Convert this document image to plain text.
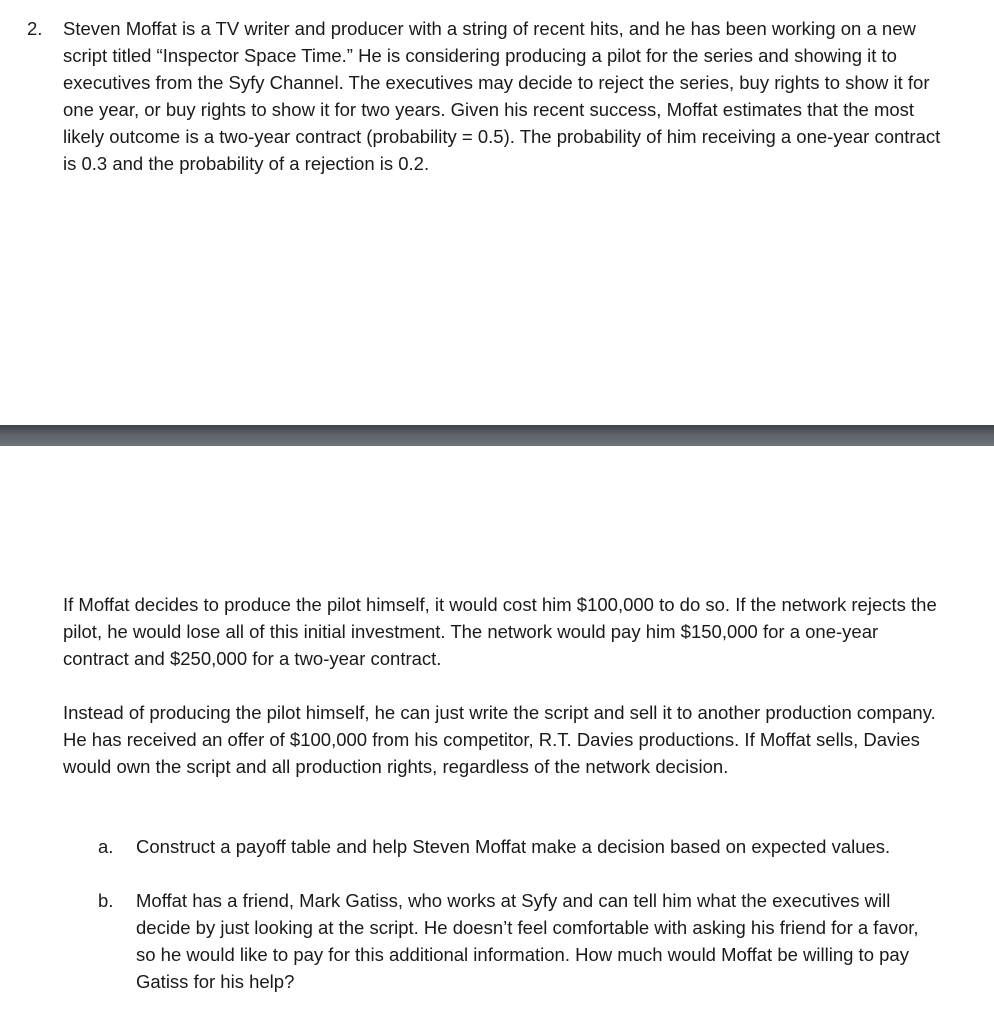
2. Steven Moffat is a TV writer and producer with a string of recent hits, and he has been working on a new script titled “Inspector Space Time.” He is considering producing a pilot for the series and showing it to executives from the Syfy Channel. The executives may decide to reject the series, buy rights to show it for one year, or buy rights to show it for two years. Given his recent success, Moffat estimates that the most likely outcome is a two-year contract (probability = 0.5). The probability of him receiving a one-year contract is 0.3 and the probability of a rejection is 0.2.

If Moffat decides to produce the pilot himself, it would cost him $100,000 to do so. If the network rejects the pilot, he would lose all of this initial investment. The network would pay him $150,000 for a one-year contract and $250,000 for a two-year contract.

Instead of producing the pilot himself, he can just write the script and sell it to another production company. He has received an offer of $100,000 from his competitor, R.T. Davies productions. If Moffat sells, Davies would own the script and all production rights, regardless of the network decision.

a. Construct a payoff table and help Steven Moffat make a decision based on expected values.

b. Moffat has a friend, Mark Gatiss, who works at Syfy and can tell him what the executives will decide by just looking at the script. He doesn’t feel comfortable with asking his friend for a favor, so he would like to pay for this additional information. How much would Moffat be willing to pay Gatiss for his help?
